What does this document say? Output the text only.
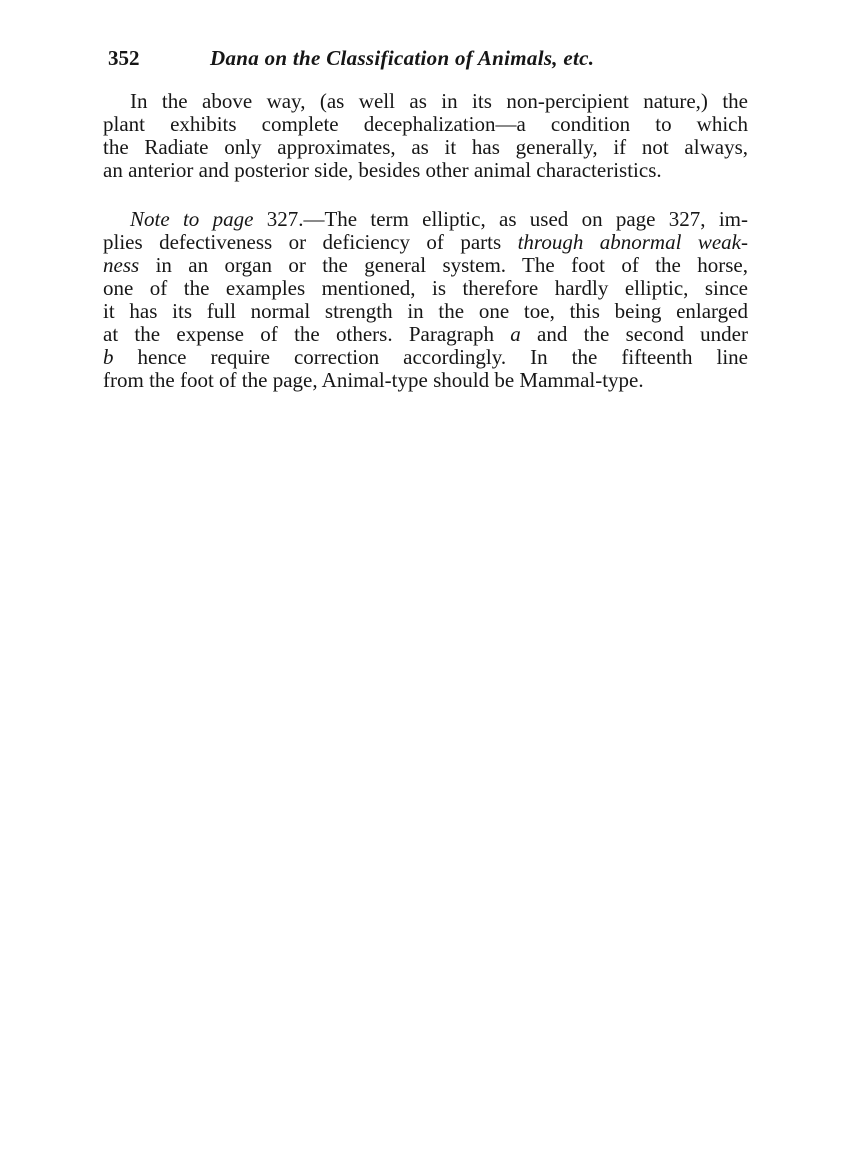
352	Dana on the Classification of Animals, etc.
In the above way, (as well as in its non-percipient nature,) the
plant exhibits complete decephalization—a condition to which
the Radiate only approximates, as it has generally, if not always,
an anterior and posterior side, besides other animal characteristics.
Note to page 327.—The term elliptic, as used on page 327, im-
plies defectiveness or deficiency of parts through abnormal weak-
ness in an organ or the general system. The foot of the horse,
one of the examples mentioned, is therefore hardly elliptic, since
it has its full normal strength in the one toe, this being enlarged
at the expense of the others. Paragraph a and the second under
b hence require correction accordingly. In the fifteenth line
from the foot of the page, Animal-type should be Mammal-type.
